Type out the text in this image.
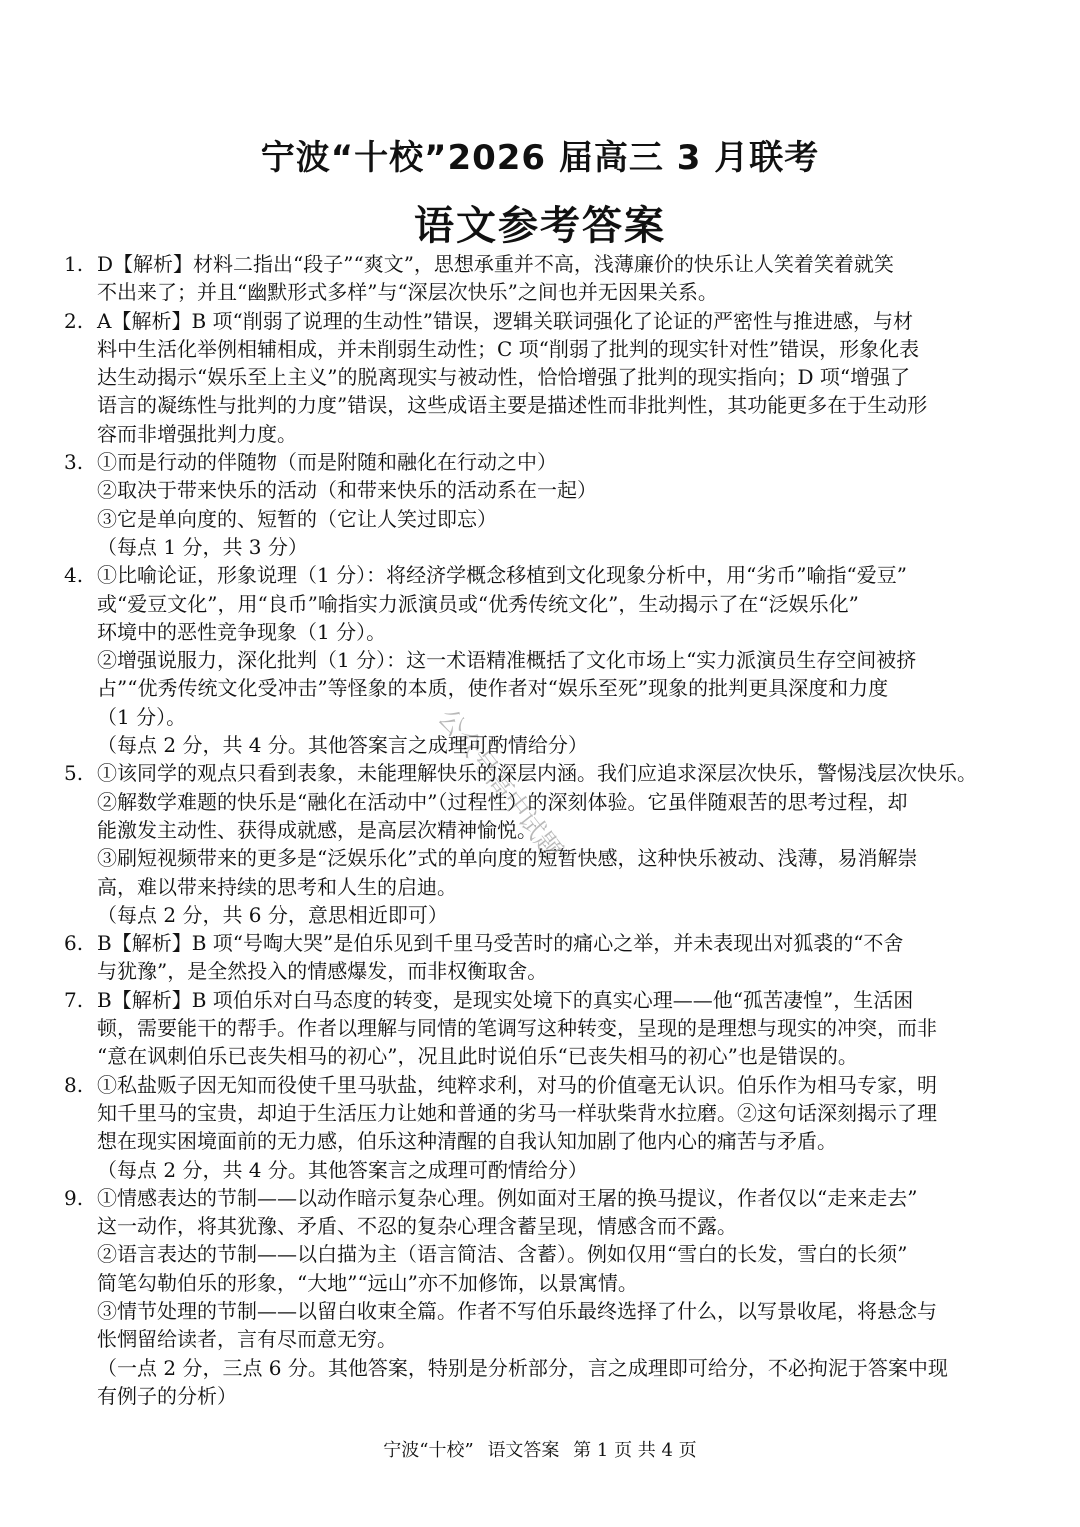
宁波“十校”2026 届高三 3 月联考
语文参考答案
1. D【解析】材料二指出“段子”“爽文”，思想承重并不高，浅薄廉价的快乐让人笑着笑着就笑
不出来了；并且“幽默形式多样”与“深层次快乐”之间也并无因果关系。
2. A【解析】B 项“削弱了说理的生动性”错误，逻辑关联词强化了论证的严密性与推进感，与材
料中生活化举例相辅相成，并未削弱生动性；C 项“削弱了批判的现实针对性”错误，形象化表
达生动揭示“娱乐至上主义”的脱离现实与被动性，恰恰增强了批判的现实指向；D 项“增强了
语言的凝练性与批判的力度”错误，这些成语主要是描述性而非批判性，其功能更多在于生动形
容而非增强批判力度。
3. ①而是行动的伴随物（而是附随和融化在行动之中）
②取决于带来快乐的活动（和带来快乐的活动系在一起）
③它是单向度的、短暂的（它让人笑过即忘）
（每点 1 分，共 3 分）
4. ①比喻论证，形象说理（1 分）：将经济学概念移植到文化现象分析中，用“劣币”喻指“爱豆”
或“爱豆文化”，用“良币”喻指实力派演员或“优秀传统文化”，生动揭示了在“泛娱乐化”
环境中的恶性竞争现象（1 分）。
②增强说服力，深化批判（1 分）：这一术语精准概括了文化市场上“实力派演员生存空间被挤
占”“优秀传统文化受冲击”等怪象的本质，使作者对“娱乐至死”现象的批判更具深度和力度
（1 分）。
（每点 2 分，共 4 分。其他答案言之成理可酌情给分）
5. ①该同学的观点只看到表象，未能理解快乐的深层内涵。我们应追求深层次快乐，警惕浅层次快乐。
②解数学难题的快乐是“融化在活动中”（过程性）的深刻体验。它虽伴随艰苦的思考过程，却
能激发主动性、获得成就感，是高层次精神愉悦。
③刷短视频带来的更多是“泛娱乐化”式的单向度的短暂快感，这种快乐被动、浅薄，易消解崇
高，难以带来持续的思考和人生的启迪。
（每点 2 分，共 6 分，意思相近即可）
6. B【解析】B 项“号啕大哭”是伯乐见到千里马受苦时的痛心之举，并未表现出对狐裘的“不舍
与犹豫”，是全然投入的情感爆发，而非权衡取舍。
7. B【解析】B 项伯乐对白马态度的转变，是现实处境下的真实心理——他“孤苦凄惶”，生活困
顿，需要能干的帮手。作者以理解与同情的笔调写这种转变，呈现的是理想与现实的冲突，而非
“意在讽刺伯乐已丧失相马的初心”，况且此时说伯乐“已丧失相马的初心”也是错误的。
8. ①私盐贩子因无知而役使千里马驮盐，纯粹求利，对马的价值毫无认识。伯乐作为相马专家，明
知千里马的宝贵，却迫于生活压力让她和普通的劣马一样驮柴背水拉磨。②这句话深刻揭示了理
想在现实困境面前的无力感，伯乐这种清醒的自我认知加剧了他内心的痛苦与矛盾。
（每点 2 分，共 4 分。其他答案言之成理可酌情给分）
9. ①情感表达的节制——以动作暗示复杂心理。例如面对王屠的换马提议，作者仅以“走来走去”
这一动作，将其犹豫、矛盾、不忍的复杂心理含蓄呈现，情感含而不露。
②语言表达的节制——以白描为主（语言简洁、含蓄）。例如仅用“雪白的长发，雪白的长须”
简笔勾勒伯乐的形象，“大地”“远山”亦不加修饰，以景寓情。
③情节处理的节制——以留白收束全篇。作者不写伯乐最终选择了什么，以写景收尾，将悬念与
怅惘留给读者，言有尽而意无穷。
（一点 2 分，三点 6 分。其他答案，特别是分析部分，言之成理即可给分，不必拘泥于答案中现
有例子的分析）
公众号高中试题
宁波“十校” 语文答案 第 1 页 共 4 页
